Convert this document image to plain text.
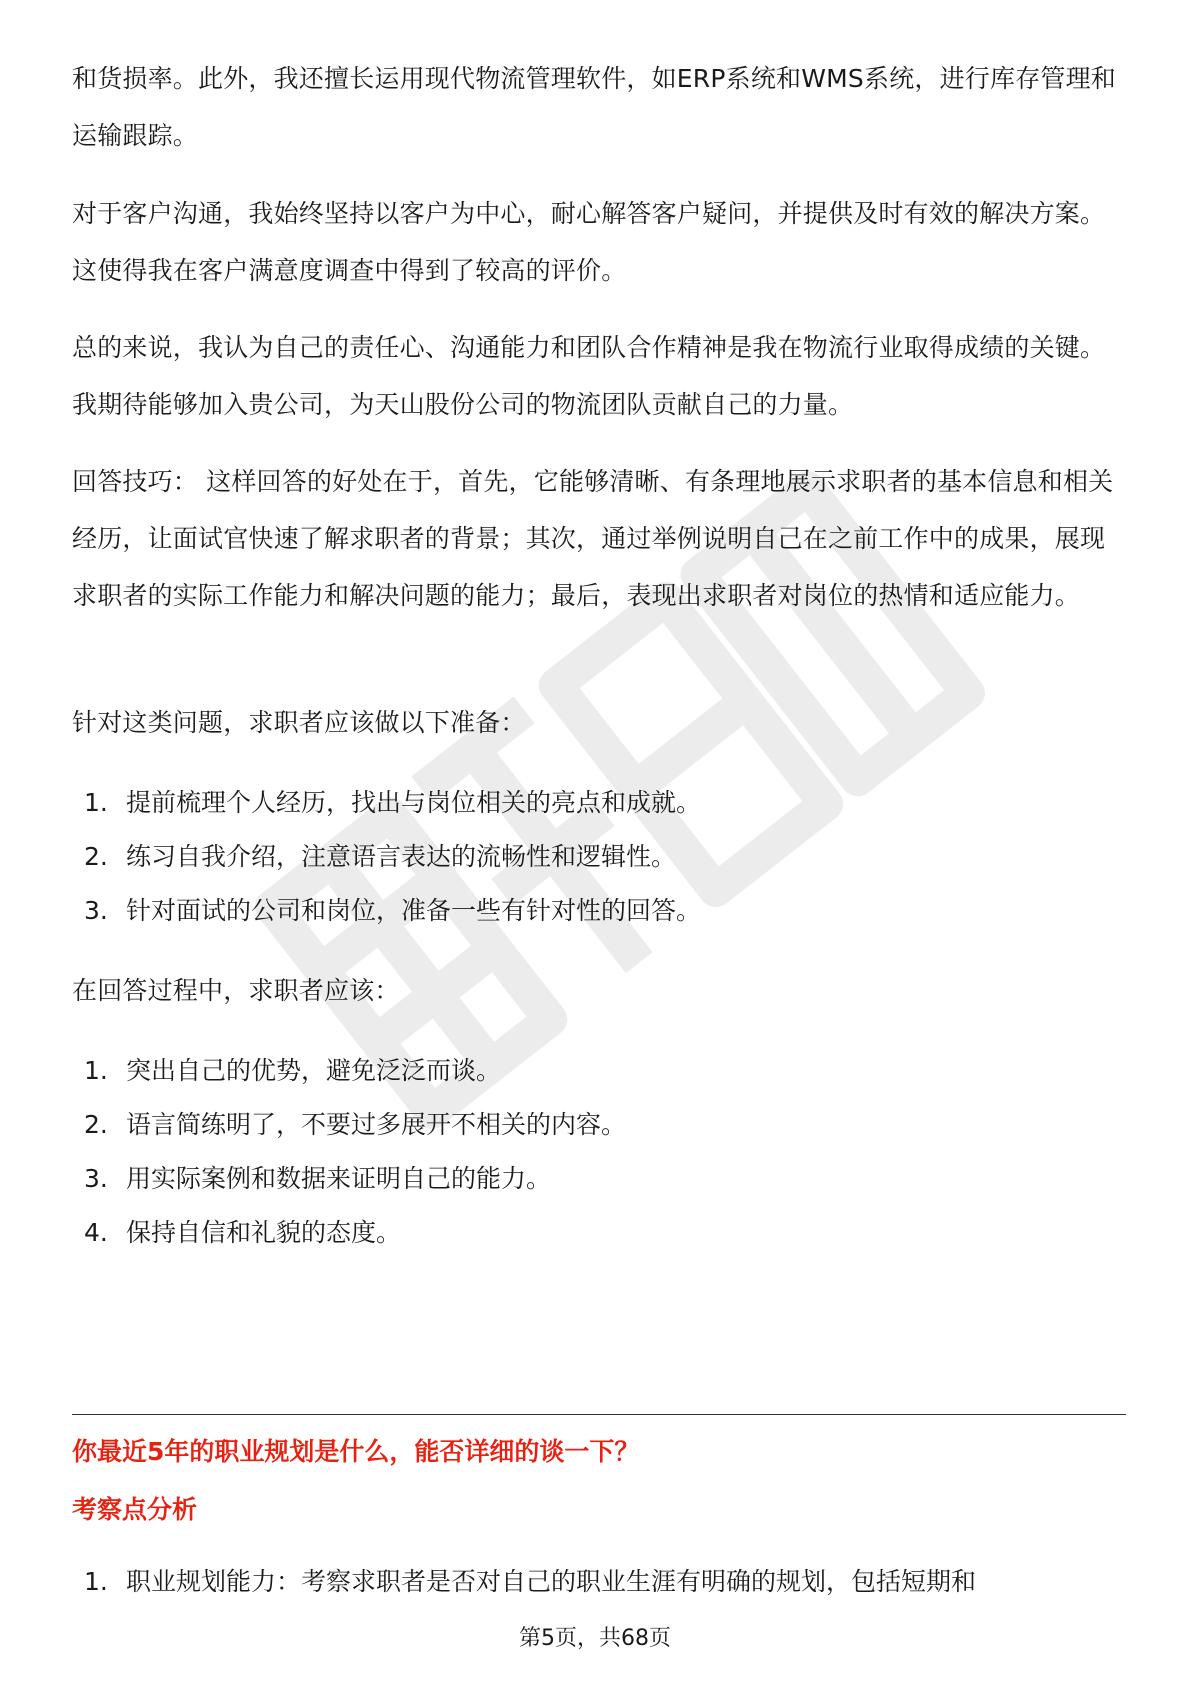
和货损率。此外，我还擅长运用现代物流管理软件，如ERP系统和WMS系统，进行库存管理和运输跟踪。

对于客户沟通，我始终坚持以客户为中心，耐心解答客户疑问，并提供及时有效的解决方案。这使得我在客户满意度调查中得到了较高的评价。

总的来说，我认为自己的责任心、沟通能力和团队合作精神是我在物流行业取得成绩的关键。我期待能够加入贵公司，为天山股份公司的物流团队贡献自己的力量。

回答技巧： 这样回答的好处在于，首先，它能够清晰、有条理地展示求职者的基本信息和相关经历，让面试官快速了解求职者的背景；其次，通过举例说明自己在之前工作中的成果，展现求职者的实际工作能力和解决问题的能力；最后，表现出求职者对岗位的热情和适应能力。

针对这类问题，求职者应该做以下准备：

1. 提前梳理个人经历，找出与岗位相关的亮点和成就。
2. 练习自我介绍，注意语言表达的流畅性和逻辑性。
3. 针对面试的公司和岗位，准备一些有针对性的回答。

在回答过程中，求职者应该：

1. 突出自己的优势，避免泛泛而谈。
2. 语言简练明了，不要过多展开不相关的内容。
3. 用实际案例和数据来证明自己的能力。
4. 保持自信和礼貌的态度。
你最近5年的职业规划是什么，能否详细的谈一下？
考察点分析
1. 职业规划能力：考察求职者是否对自己的职业生涯有明确的规划，包括短期和
第5页，共68页
